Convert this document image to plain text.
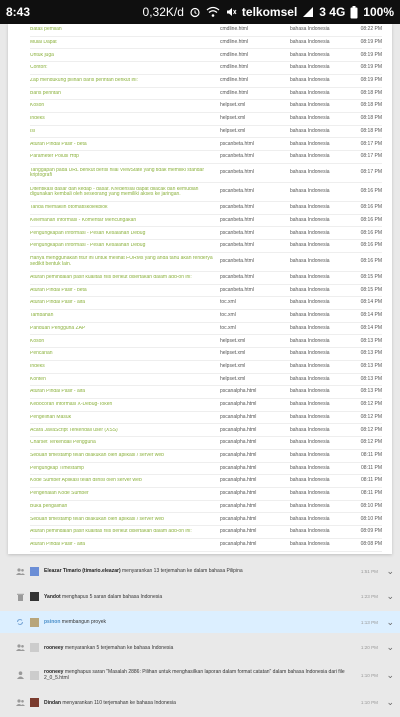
8:43	0,32K/d	telkomsel 3 4G 100%
Batas pemilah	cmdline.html	bahasa Indonesia	08:22 PM
Mulai Dapat	cmdline.html	bahasa Indonesia	08:19 PM
Untuk juga	cmdline.html	bahasa Indonesia	08:19 PM
Contoh:	cmdline.html	bahasa Indonesia	08:19 PM
Zap mendukung pilihan baris perintah berikut ini:	cmdline.html	bahasa Indonesia	08:19 PM
Baris perintah	cmdline.html	bahasa Indonesia	08:18 PM
Koson	helpset.xml	bahasa Indonesia	08:18 PM
Indeks	helpset.xml	bahasa Indonesia	08:18 PM
Isi	helpset.xml	bahasa Indonesia	08:18 PM
Aturan Pindai Pasif - beta	pscanbeta.html	bahasa Indonesia	08:17 PM
Parameter Polusi Http	pscanbeta.html	bahasa Indonesia	08:17 PM
Tanggapan pada URL berikut berisi nilai ViewState yang tidak memiliki standar kriptografi	pscanbeta.html	bahasa Indonesia	08:17 PM
Ditentikasi dasar dan kedap - dasar. Kredensial dapat dilacak dan kemudian digunakan kembali oleh seseorang yang memiliki akses ke jaringan.	pscanbeta.html	bahasa Indonesia	08:16 PM
Tanda memaklin otomatiskolekblok	pscanbeta.html	bahasa Indonesia	08:16 PM
Kelemahan Informasi - Komentar Mencurigakan	pscanbeta.html	bahasa Indonesia	08:16 PM
Pengungkapan Informasi - Pesan Kesalahan Debug	pscanbeta.html	bahasa Indonesia	08:16 PM
Pengungkapan Informasi - Pesan Kesalahan Debug	pscanbeta.html	bahasa Indonesia	08:16 PM
Hanya menggunakan fitur ini untuk melihat FORMs yang anda tahu akan renderya sedikit bentuk lain.	pscanbeta.html	bahasa Indonesia	08:16 PM
Aturan pemindaian pasif kualitas rilis berikut disertakan dalam add-on ini:	pscanbeta.html	bahasa Indonesia	08:15 PM
Aturan Pindai Pasif - beta	pscanbeta.html	bahasa Indonesia	08:15 PM
Aturan Pindai Pasif - alfa	toc.xml	bahasa Indonesia	08:14 PM
Tambahan	toc.xml	bahasa Indonesia	08:14 PM
Panduan Pengguna ZAP	toc.xml	bahasa Indonesia	08:14 PM
Koson	helpset.xml	bahasa Indonesia	08:13 PM
Pencarian	helpset.xml	bahasa Indonesia	08:13 PM
Indeks	helpset.xml	bahasa Indonesia	08:13 PM
Konten	helpset.xml	bahasa Indonesia	08:13 PM
Aturan Pindai Pasif - alfa	pscanalpha.html	bahasa Indonesia	08:13 PM
Kebocoran Informasi X-Debug-Token	pscanalpha.html	bahasa Indonesia	08:12 PM
Pengelihan Masuk	pscanalpha.html	bahasa Indonesia	08:12 PM
Acara JavaScript Terkendali user (XSS)	pscanalpha.html	bahasa Indonesia	08:12 PM
Charset Terkendali Pengguna	pscanalpha.html	bahasa Indonesia	08:12 PM
Sebuah timestamp telah dilakukan oleh aplikasi / server web	pscanalpha.html	bahasa Indonesia	08:11 PM
Pengungkap Timestamp	pscanalpha.html	bahasa Indonesia	08:11 PM
Kode Sumber Aplikasi telah diinisi oleh server web	pscanalpha.html	bahasa Indonesia	08:11 PM
Pengenalan Kode Sumber	pscanalpha.html	bahasa Indonesia	08:11 PM
Buka pengalihan	pscanalpha.html	bahasa Indonesia	08:10 PM
Sebuah timestamp telah dilakukan oleh aplikasi / server web	pscanalpha.html	bahasa Indonesia	08:10 PM
Aturan pemindaian pasif kualitas rilis berikut disertakan dalam add-on ini:	pscanalpha.html	bahasa Indonesia	08:09 PM
Aturan Pindai Pasif - alfa	pscanalpha.html	bahasa Indonesia	08:08 PM
Eleazar Timario (timario.eleazar) menyarankan 13 terjemahan ke dalam bahasa Pilipina	1:51 PM ⌄
Yandot menghapus 5 saran dalam bahasa Indonesia	1:23 PM ⌄
psinon membangun proyek	1:13 PM ⌄
rooneey menyarankan 5 terjemahan ke bahasa Indonesia	1:20 PM ⌄
rooneey menghapus saran "Masalah 2886: Pilihan untuk menghasilkan laporan dalam format catatan" dalam bahasa Indonesia dari file 2_0_5.html	1:10 PM ⌄
Dindan menyarankan 110 terjemahan ke bahasa Indonesia	1:10 PM ⌄
